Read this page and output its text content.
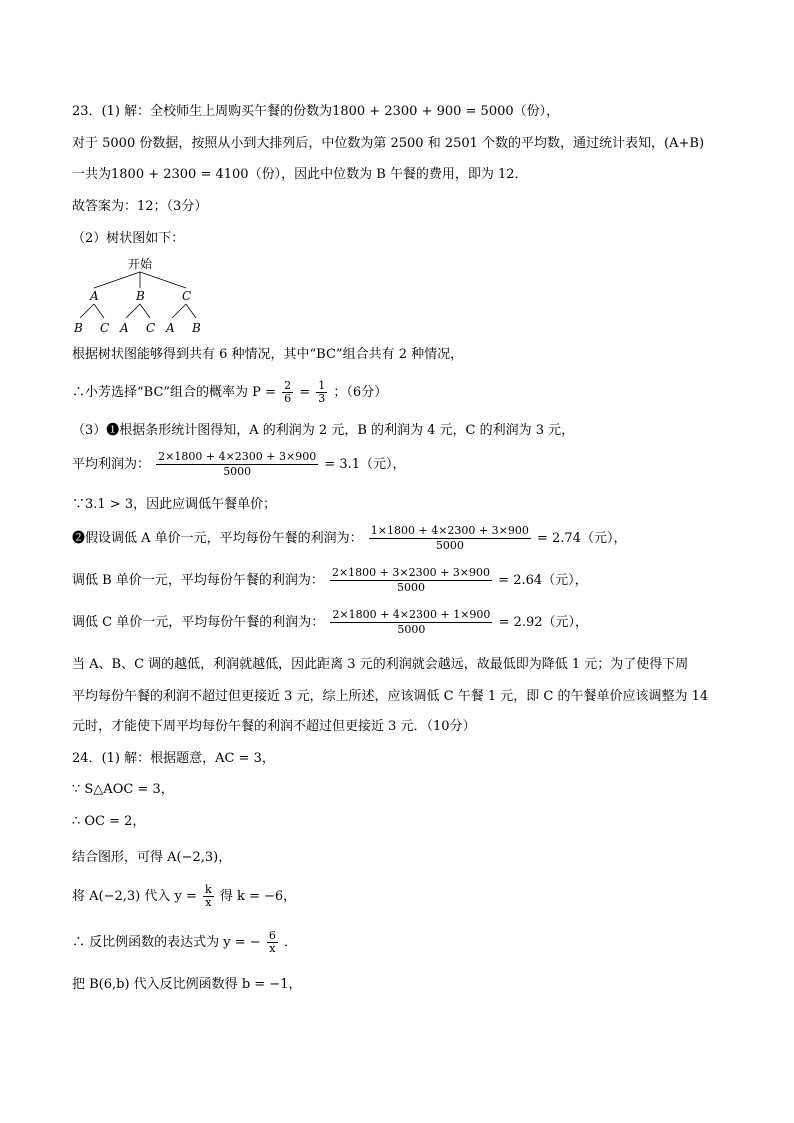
23．(1) 解：全校师生上周购买午餐的份数为1800 + 2300 + 900 = 5000（份），
对于 5000 份数据，按照从小到大排列后，中位数为第 2500 和 2501 个数的平均数，通过统计表知，(A+B)
一共为1800 + 2300 = 4100（份），因此中位数为 B 午餐的费用，即为 12．
故答案为：12；（3分）
（2）树状图如下：
开始
A	B	C
B C A C A B
根据树状图能够得到共有 6 种情况，其中“BC”组合共有 2 种情况，
∴小芳选择“BC”组合的概率为 $P = \frac{2}{6} = \frac{1}{3}$ ；（6分）
（3）❶根据条形统计图得知，A 的利润为 2 元，B 的利润为 4 元，C 的利润为 3 元，
平均利润为： $\frac{2\times 1800 + 4\times 2300 + 3\times 900}{5000} = 3.1$（元），
∵3.1 > 3，因此应调低午餐单价；
❷假设调低 A 单价一元，平均每份午餐的利润为： $\frac{1\times 1800 + 4\times 2300 + 3\times 900}{5000} = 2.74$（元），
调低 B 单价一元，平均每份午餐的利润为： $\frac{2\times 1800 + 3\times 2300 + 3\times 900}{5000} = 2.64$（元），
调低 C 单价一元，平均每份午餐的利润为： $\frac{2\times 1800 + 4\times 2300 + 1\times 900}{5000} = 2.92$（元），
当 A、B、C 调的越低，利润就越低，因此距离 3 元的利润就会越远，故最低即为降低 1 元；为了使得下周
平均每份午餐的利润不超过但更接近 3 元，综上所述，应该调低 C 午餐 1 元，即 C 的午餐单价应该调整为 14
元时，才能使下周平均每份午餐的利润不超过但更接近 3 元．（10分）
24．(1) 解：根据题意，AC = 3，
∵ S△AOC = 3，
∴ OC = 2，
结合图形，可得 A(−2,3)，
将 A(−2,3) 代入 $y = \frac{k}{x}$ 得 k = −6，
∴ 反比例函数的表达式为 y = − $\frac{6}{x}$ ．
把 B(6,b) 代入反比例函数得 b = −1，
